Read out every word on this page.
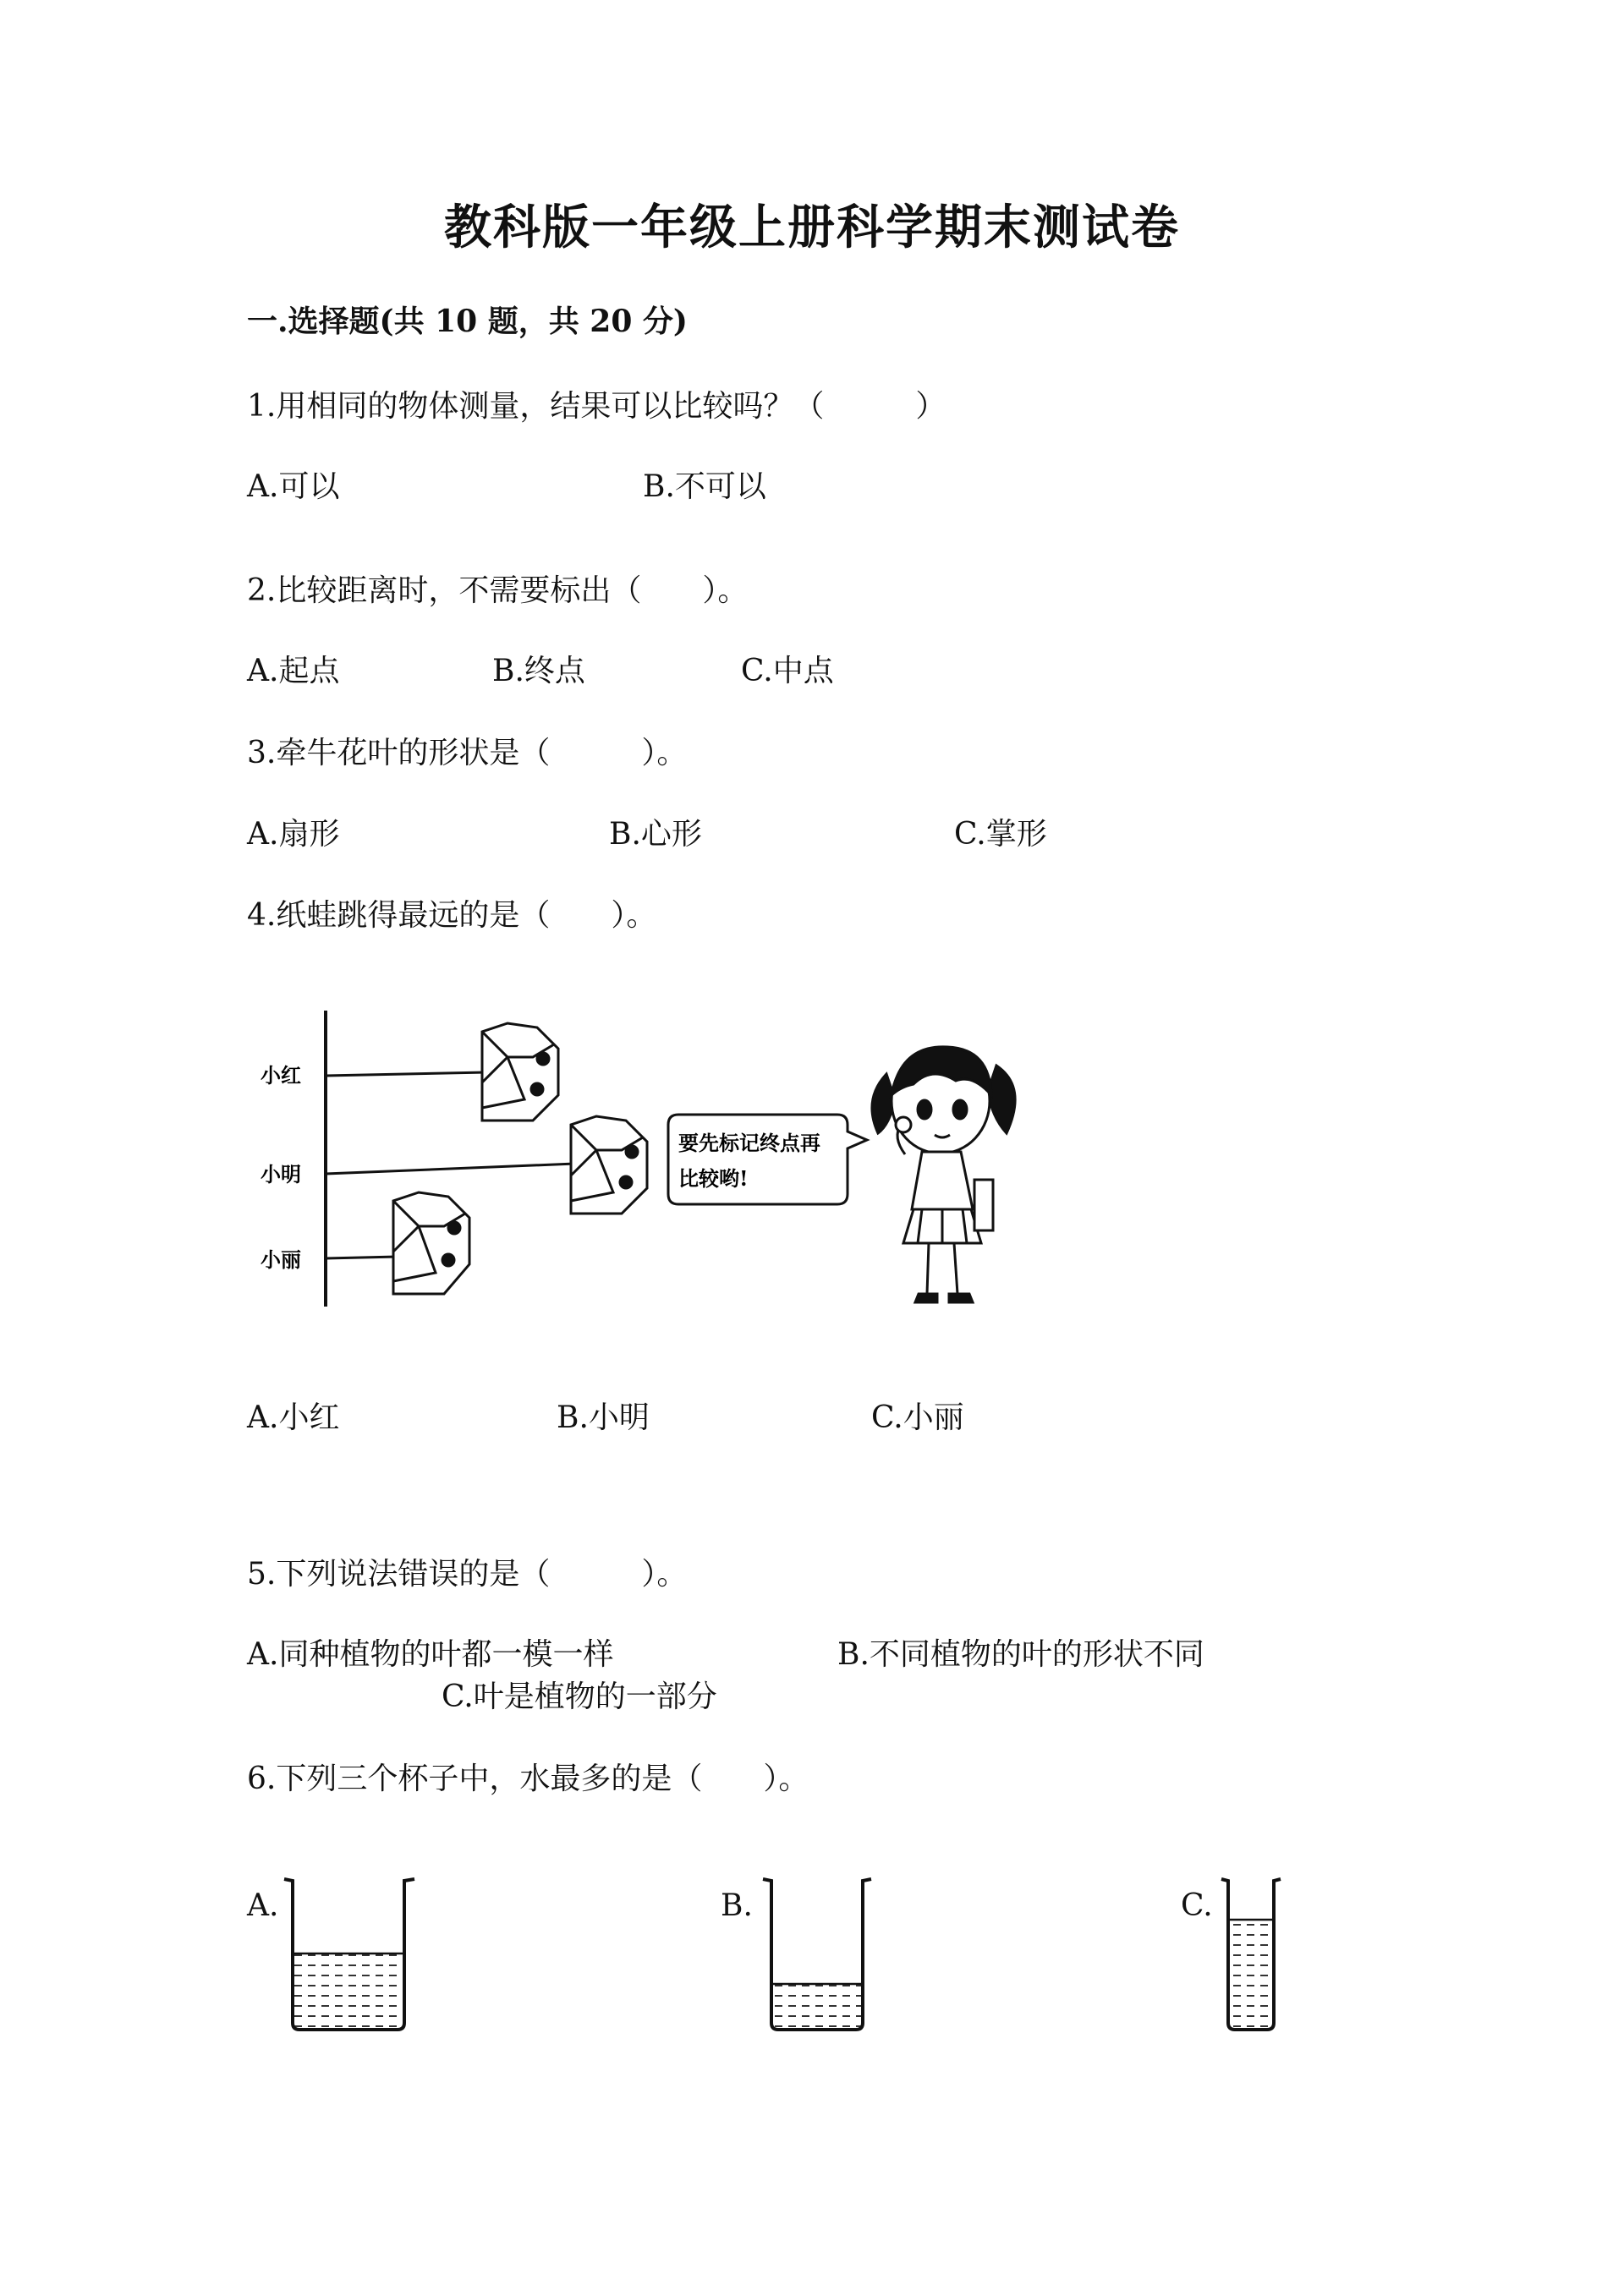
教科版一年级上册科学期末测试卷
一.选择题(共 10 题，共 20 分)
1.用相同的物体测量，结果可以比较吗？（　　　）
A.可以	B.不可以
2.比较距离时，不需要标出（　　）。
A.起点	B.终点	C.中点
3.牵牛花叶的形状是（　　　）。
A.扇形	B.心形	C.掌形
4.纸蛙跳得最远的是（　　）。
小红
小明
小丽
要先标记终点再
比较哟!
A.小红	B.小明	C.小丽
5.下列说法错误的是（　　　）。
A.同种植物的叶都一模一样	B.不同植物的叶的形状不同
C.叶是植物的一部分
6.下列三个杯子中，水最多的是（　　）。
A.	B.	C.
